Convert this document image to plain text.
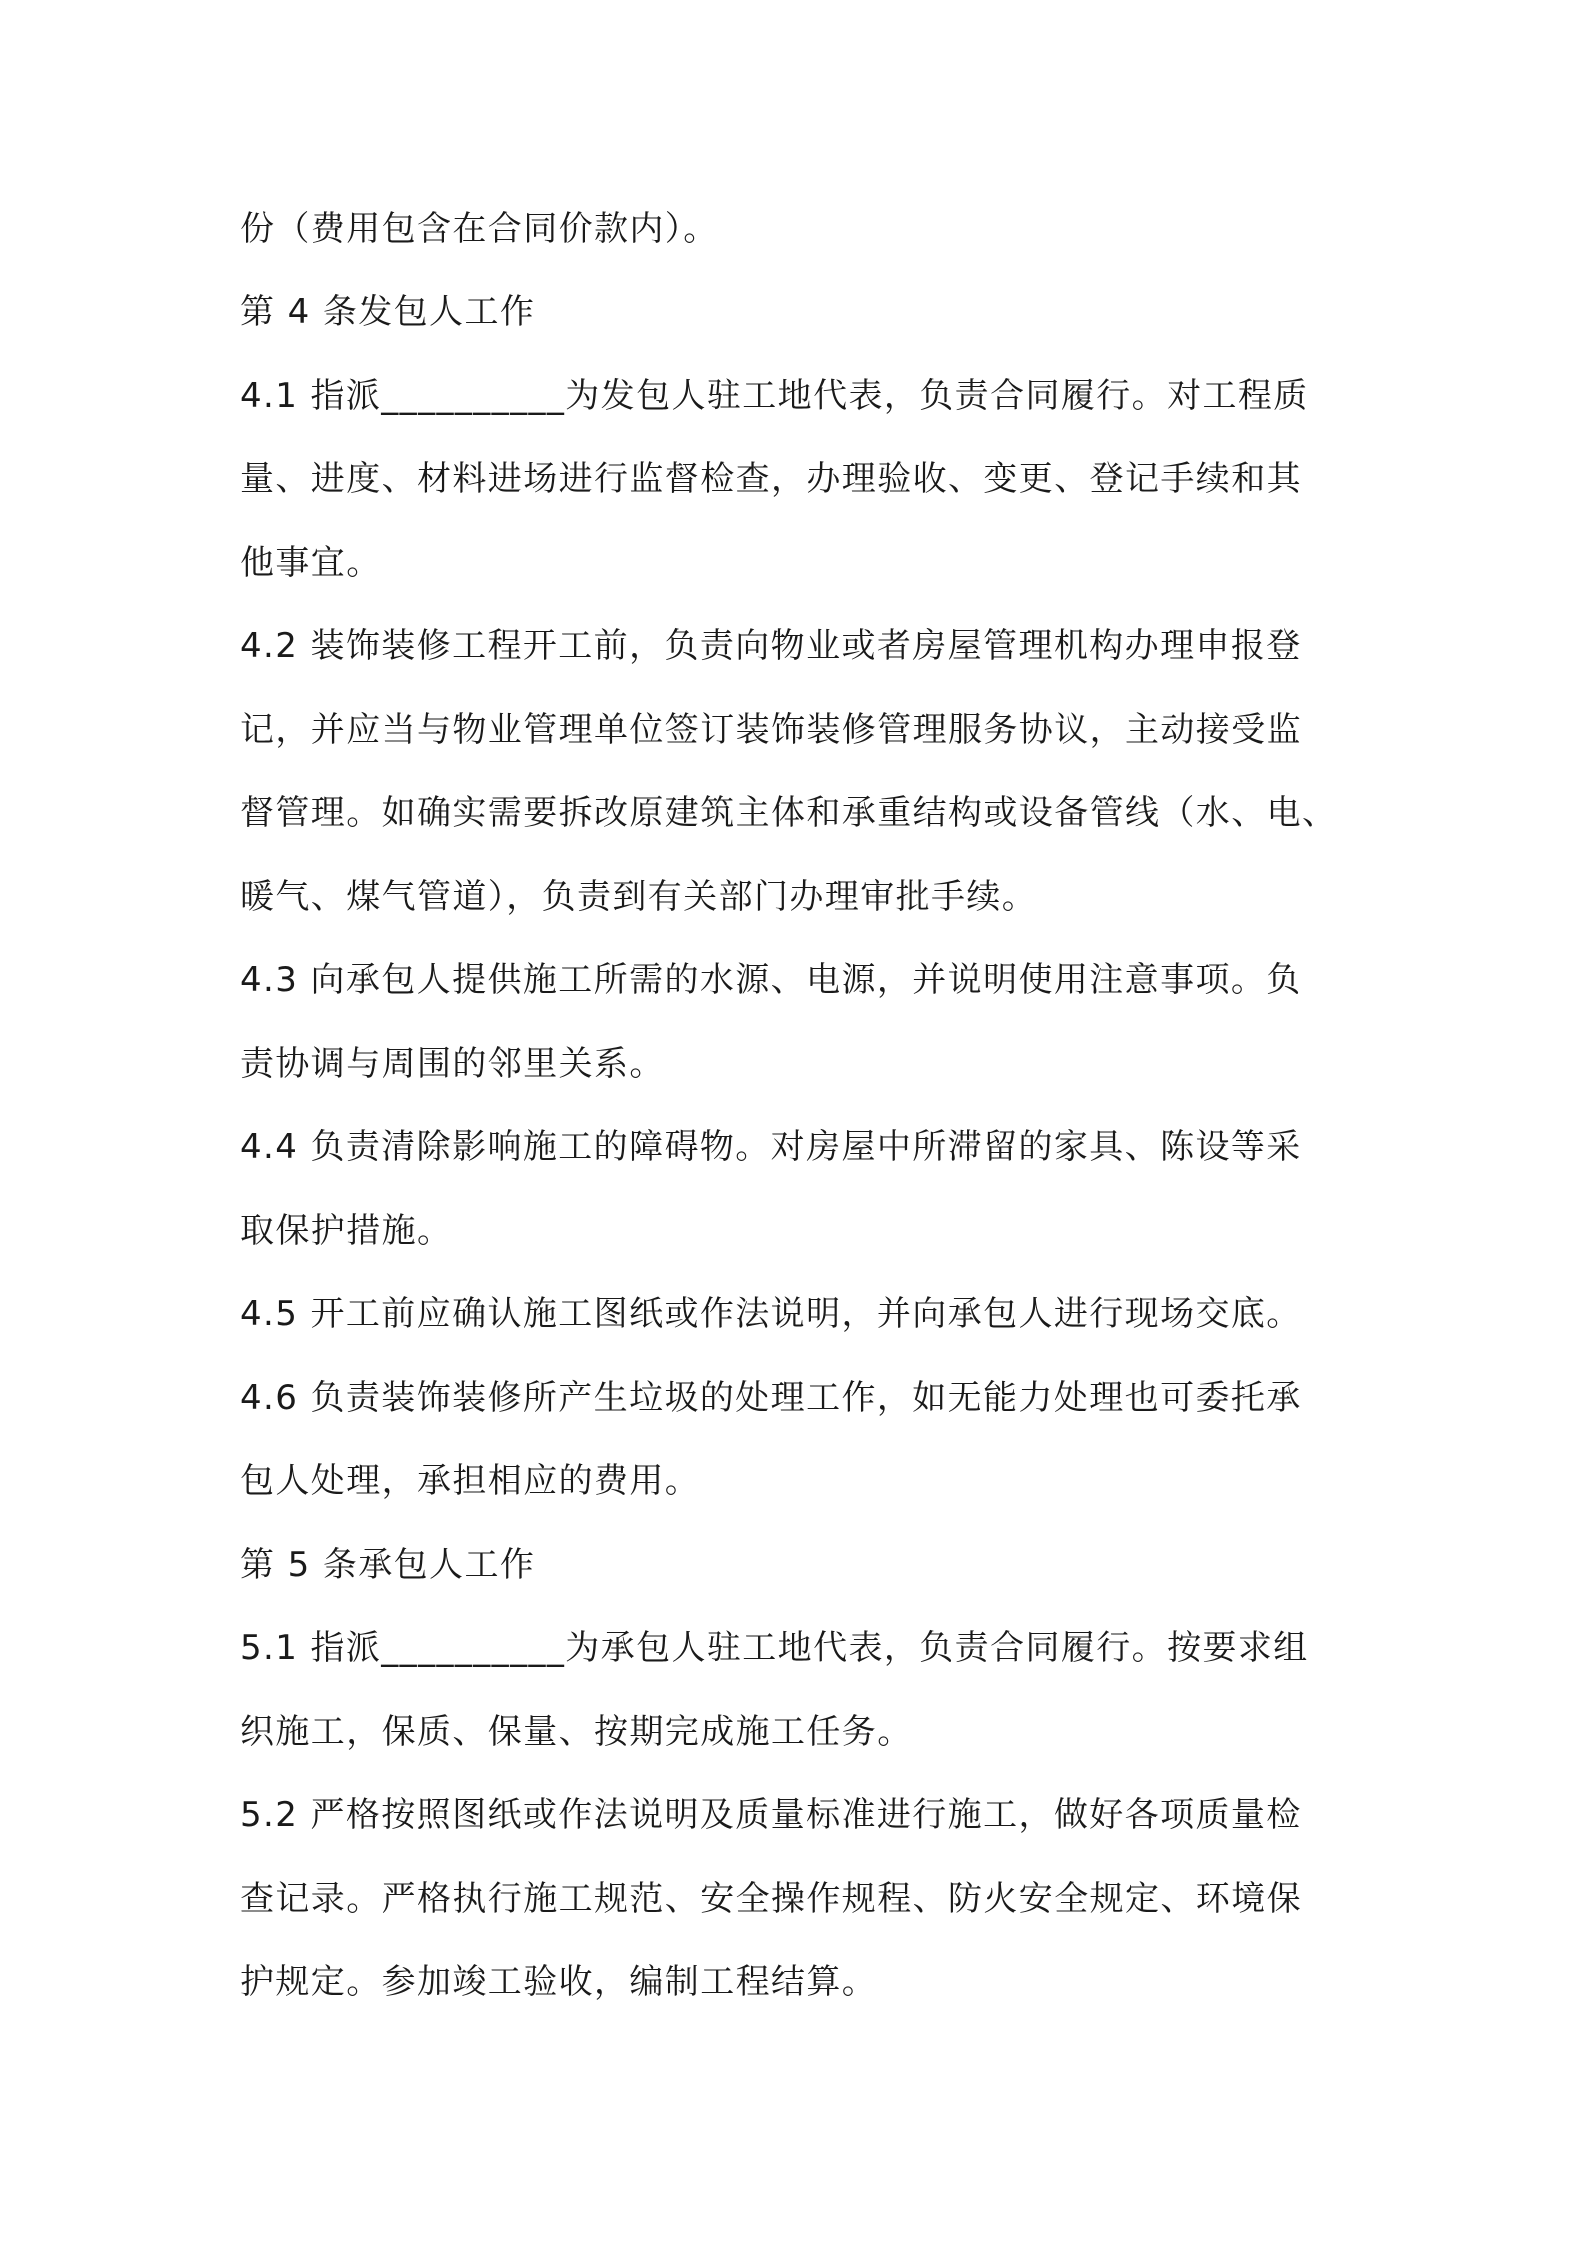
份（费用包含在合同价款内）。
第 4 条发包人工作
4.1 指派__________为发包人驻工地代表，负责合同履行。对工程质
量、进度、材料进场进行监督检查，办理验收、变更、登记手续和其
他事宜。
4.2 装饰装修工程开工前，负责向物业或者房屋管理机构办理申报登
记，并应当与物业管理单位签订装饰装修管理服务协议，主动接受监
督管理。如确实需要拆改原建筑主体和承重结构或设备管线（水、电、
暖气、煤气管道），负责到有关部门办理审批手续。
4.3 向承包人提供施工所需的水源、电源，并说明使用注意事项。负
责协调与周围的邻里关系。
4.4 负责清除影响施工的障碍物。对房屋中所滞留的家具、陈设等采
取保护措施。
4.5 开工前应确认施工图纸或作法说明，并向承包人进行现场交底。
4.6 负责装饰装修所产生垃圾的处理工作，如无能力处理也可委托承
包人处理，承担相应的费用。
第 5 条承包人工作
5.1 指派__________为承包人驻工地代表，负责合同履行。按要求组
织施工，保质、保量、按期完成施工任务。
5.2 严格按照图纸或作法说明及质量标准进行施工，做好各项质量检
查记录。严格执行施工规范、安全操作规程、防火安全规定、环境保
护规定。参加竣工验收，编制工程结算。
